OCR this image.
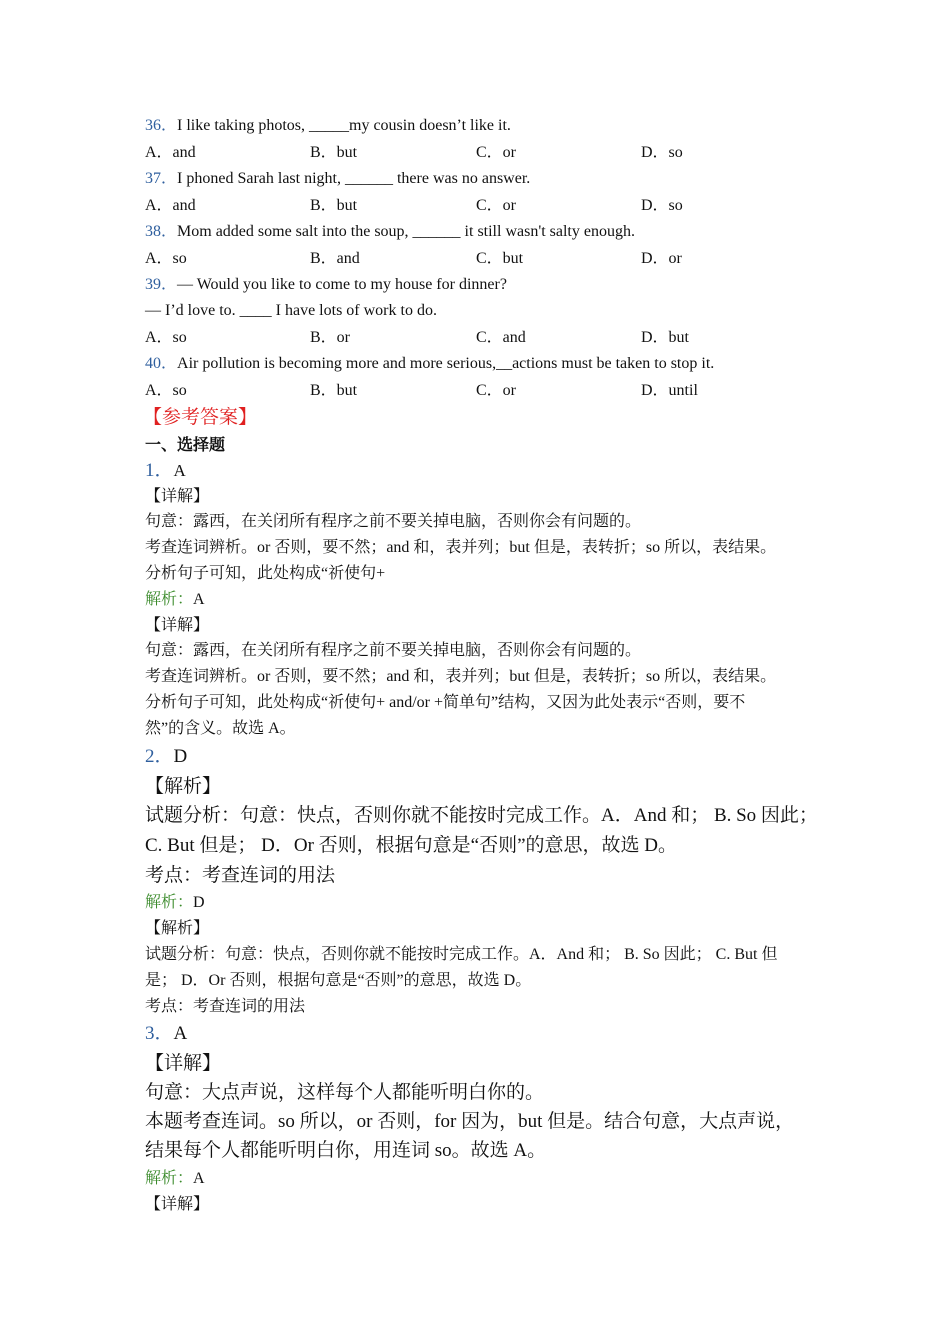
36．I like taking photos, _____my cousin doesn’t like it.
A．and	B．but	C．or	D．so
37．I phoned Sarah last night, ______ there was no answer.
A．and	B．but	C．or	D．so
38．Mom added some salt into the soup, ______ it still wasn't salty enough.
A．so	B．and	C．but	D．or
39．— Would you like to come to my house for dinner?
— I’d love to. ____ I have lots of work to do.
A．so	B．or	C．and	D．but
40．Air pollution is becoming more and more serious,__actions must be taken to stop it.
A．so	B．but	C．or	D．until
【参考答案】
一、选择题
1．A
【详解】
句意：露西，在关闭所有程序之前不要关掉电脑，否则你会有问题的。
考查连词辨析。or 否则，要不然；and 和，表并列；but 但是，表转折；so 所以，表结果。
分析句子可知，此处构成“祈使句+
解析：A
【详解】
句意：露西，在关闭所有程序之前不要关掉电脑，否则你会有问题的。
考查连词辨析。or 否则，要不然；and 和，表并列；but 但是，表转折；so 所以，表结果。
分析句子可知，此处构成“祈使句+ and/or +简单句”结构，又因为此处表示“否则，要不
然”的含义。故选 A。
2．D
【解析】
试题分析：句意：快点，否则你就不能按时完成工作。A．And 和； B. So 因此；
C. But 但是； D．Or 否则，根据句意是“否则”的意思，故选 D。
考点：考查连词的用法
解析：D
【解析】
试题分析：句意：快点，否则你就不能按时完成工作。A．And 和； B. So 因此； C. But 但
是； D．Or 否则，根据句意是“否则”的意思，故选 D。
考点：考查连词的用法
3．A
【详解】
句意：大点声说，这样每个人都能听明白你的。
本题考查连词。so 所以，or 否则，for 因为，but 但是。结合句意，大点声说，
结果每个人都能听明白你，用连词 so。故选 A。
解析：A
【详解】
